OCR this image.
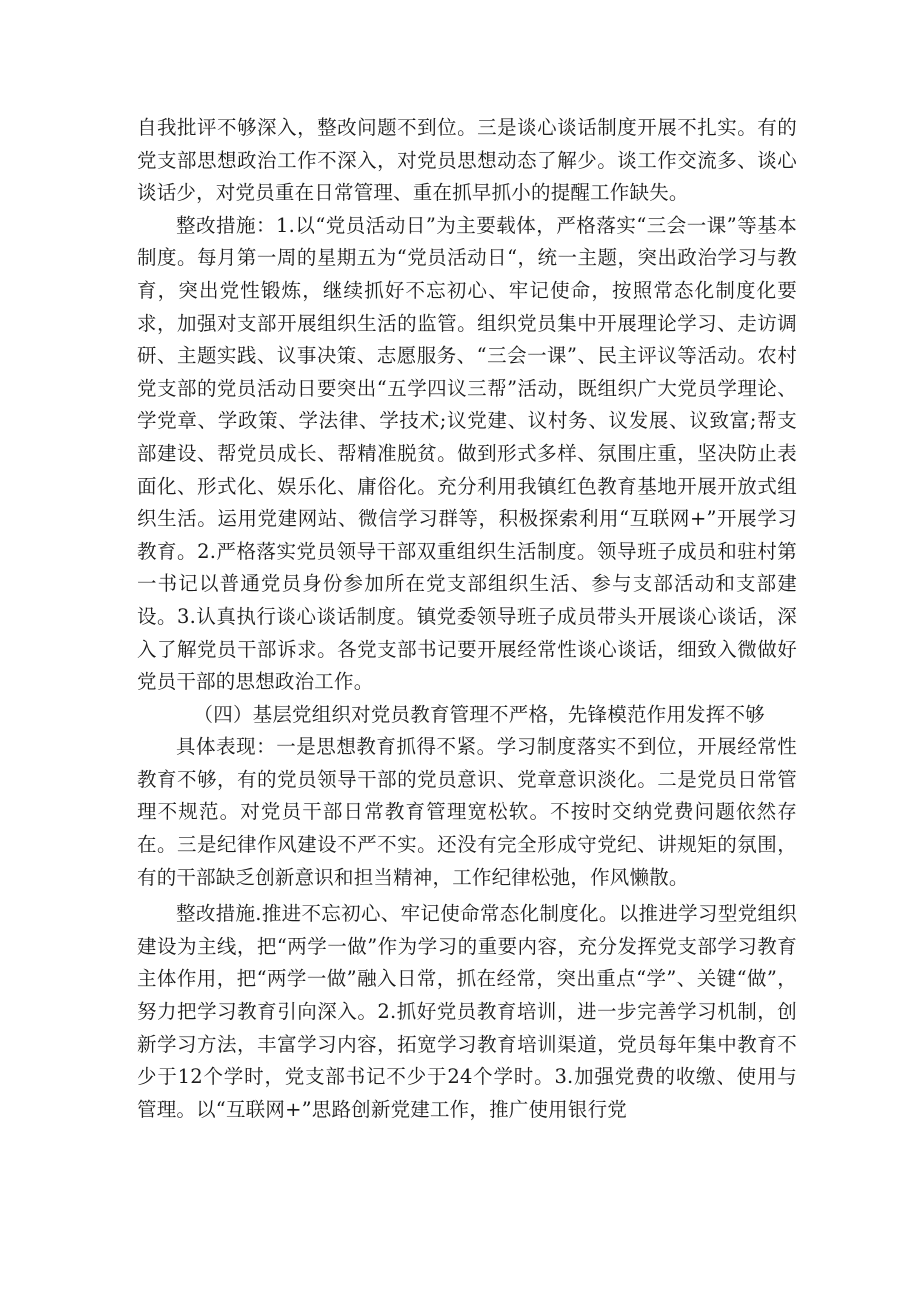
自我批评不够深入，整改问题不到位。三是谈心谈话制度开展不扎实。有的党支部思想政治工作不深入，对党员思想动态了解少。谈工作交流多、谈心谈话少，对党员重在日常管理、重在抓早抓小的提醒工作缺失。

整改措施：1.以“党员活动日”为主要载体，严格落实“三会一课”等基本制度。每月第一周的星期五为“党员活动日“，统一主题，突出政治学习与教育，突出党性锻炼，继续抓好不忘初心、牢记使命，按照常态化制度化要求，加强对支部开展组织生活的监管。组织党员集中开展理论学习、走访调研、主题实践、议事决策、志愿服务、“三会一课”、民主评议等活动。农村党支部的党员活动日要突出“五学四议三帮”活动，既组织广大党员学理论、学党章、学政策、学法律、学技术;议党建、议村务、议发展、议致富;帮支部建设、帮党员成长、帮精准脱贫。做到形式多样、氛围庄重，坚决防止表面化、形式化、娱乐化、庸俗化。充分利用我镇红色教育基地开展开放式组织生活。运用党建网站、微信学习群等，积极探索利用“互联网+”开展学习教育。2.严格落实党员领导干部双重组织生活制度。领导班子成员和驻村第一书记以普通党员身份参加所在党支部组织生活、参与支部活动和支部建设。3.认真执行谈心谈话制度。镇党委领导班子成员带头开展谈心谈话，深入了解党员干部诉求。各党支部书记要开展经常性谈心谈话，细致入微做好党员干部的思想政治工作。

（四）基层党组织对党员教育管理不严格，先锋模范作用发挥不够

具体表现：一是思想教育抓得不紧。学习制度落实不到位，开展经常性教育不够，有的党员领导干部的党员意识、党章意识淡化。二是党员日常管理不规范。对党员干部日常教育管理宽松软。不按时交纳党费问题依然存在。三是纪律作风建设不严不实。还没有完全形成守党纪、讲规矩的氛围，有的干部缺乏创新意识和担当精神，工作纪律松弛，作风懒散。

整改措施.推进不忘初心、牢记使命常态化制度化。以推进学习型党组织建设为主线，把“两学一做”作为学习的重要内容，充分发挥党支部学习教育主体作用，把“两学一做”融入日常，抓在经常，突出重点“学”、关键“做”，努力把学习教育引向深入。2.抓好党员教育培训，进一步完善学习机制，创新学习方法，丰富学习内容，拓宽学习教育培训渠道，党员每年集中教育不少于12个学时，党支部书记不少于24个学时。3.加强党费的收缴、使用与管理。以“互联网+”思路创新党建工作，推广使用银行党
